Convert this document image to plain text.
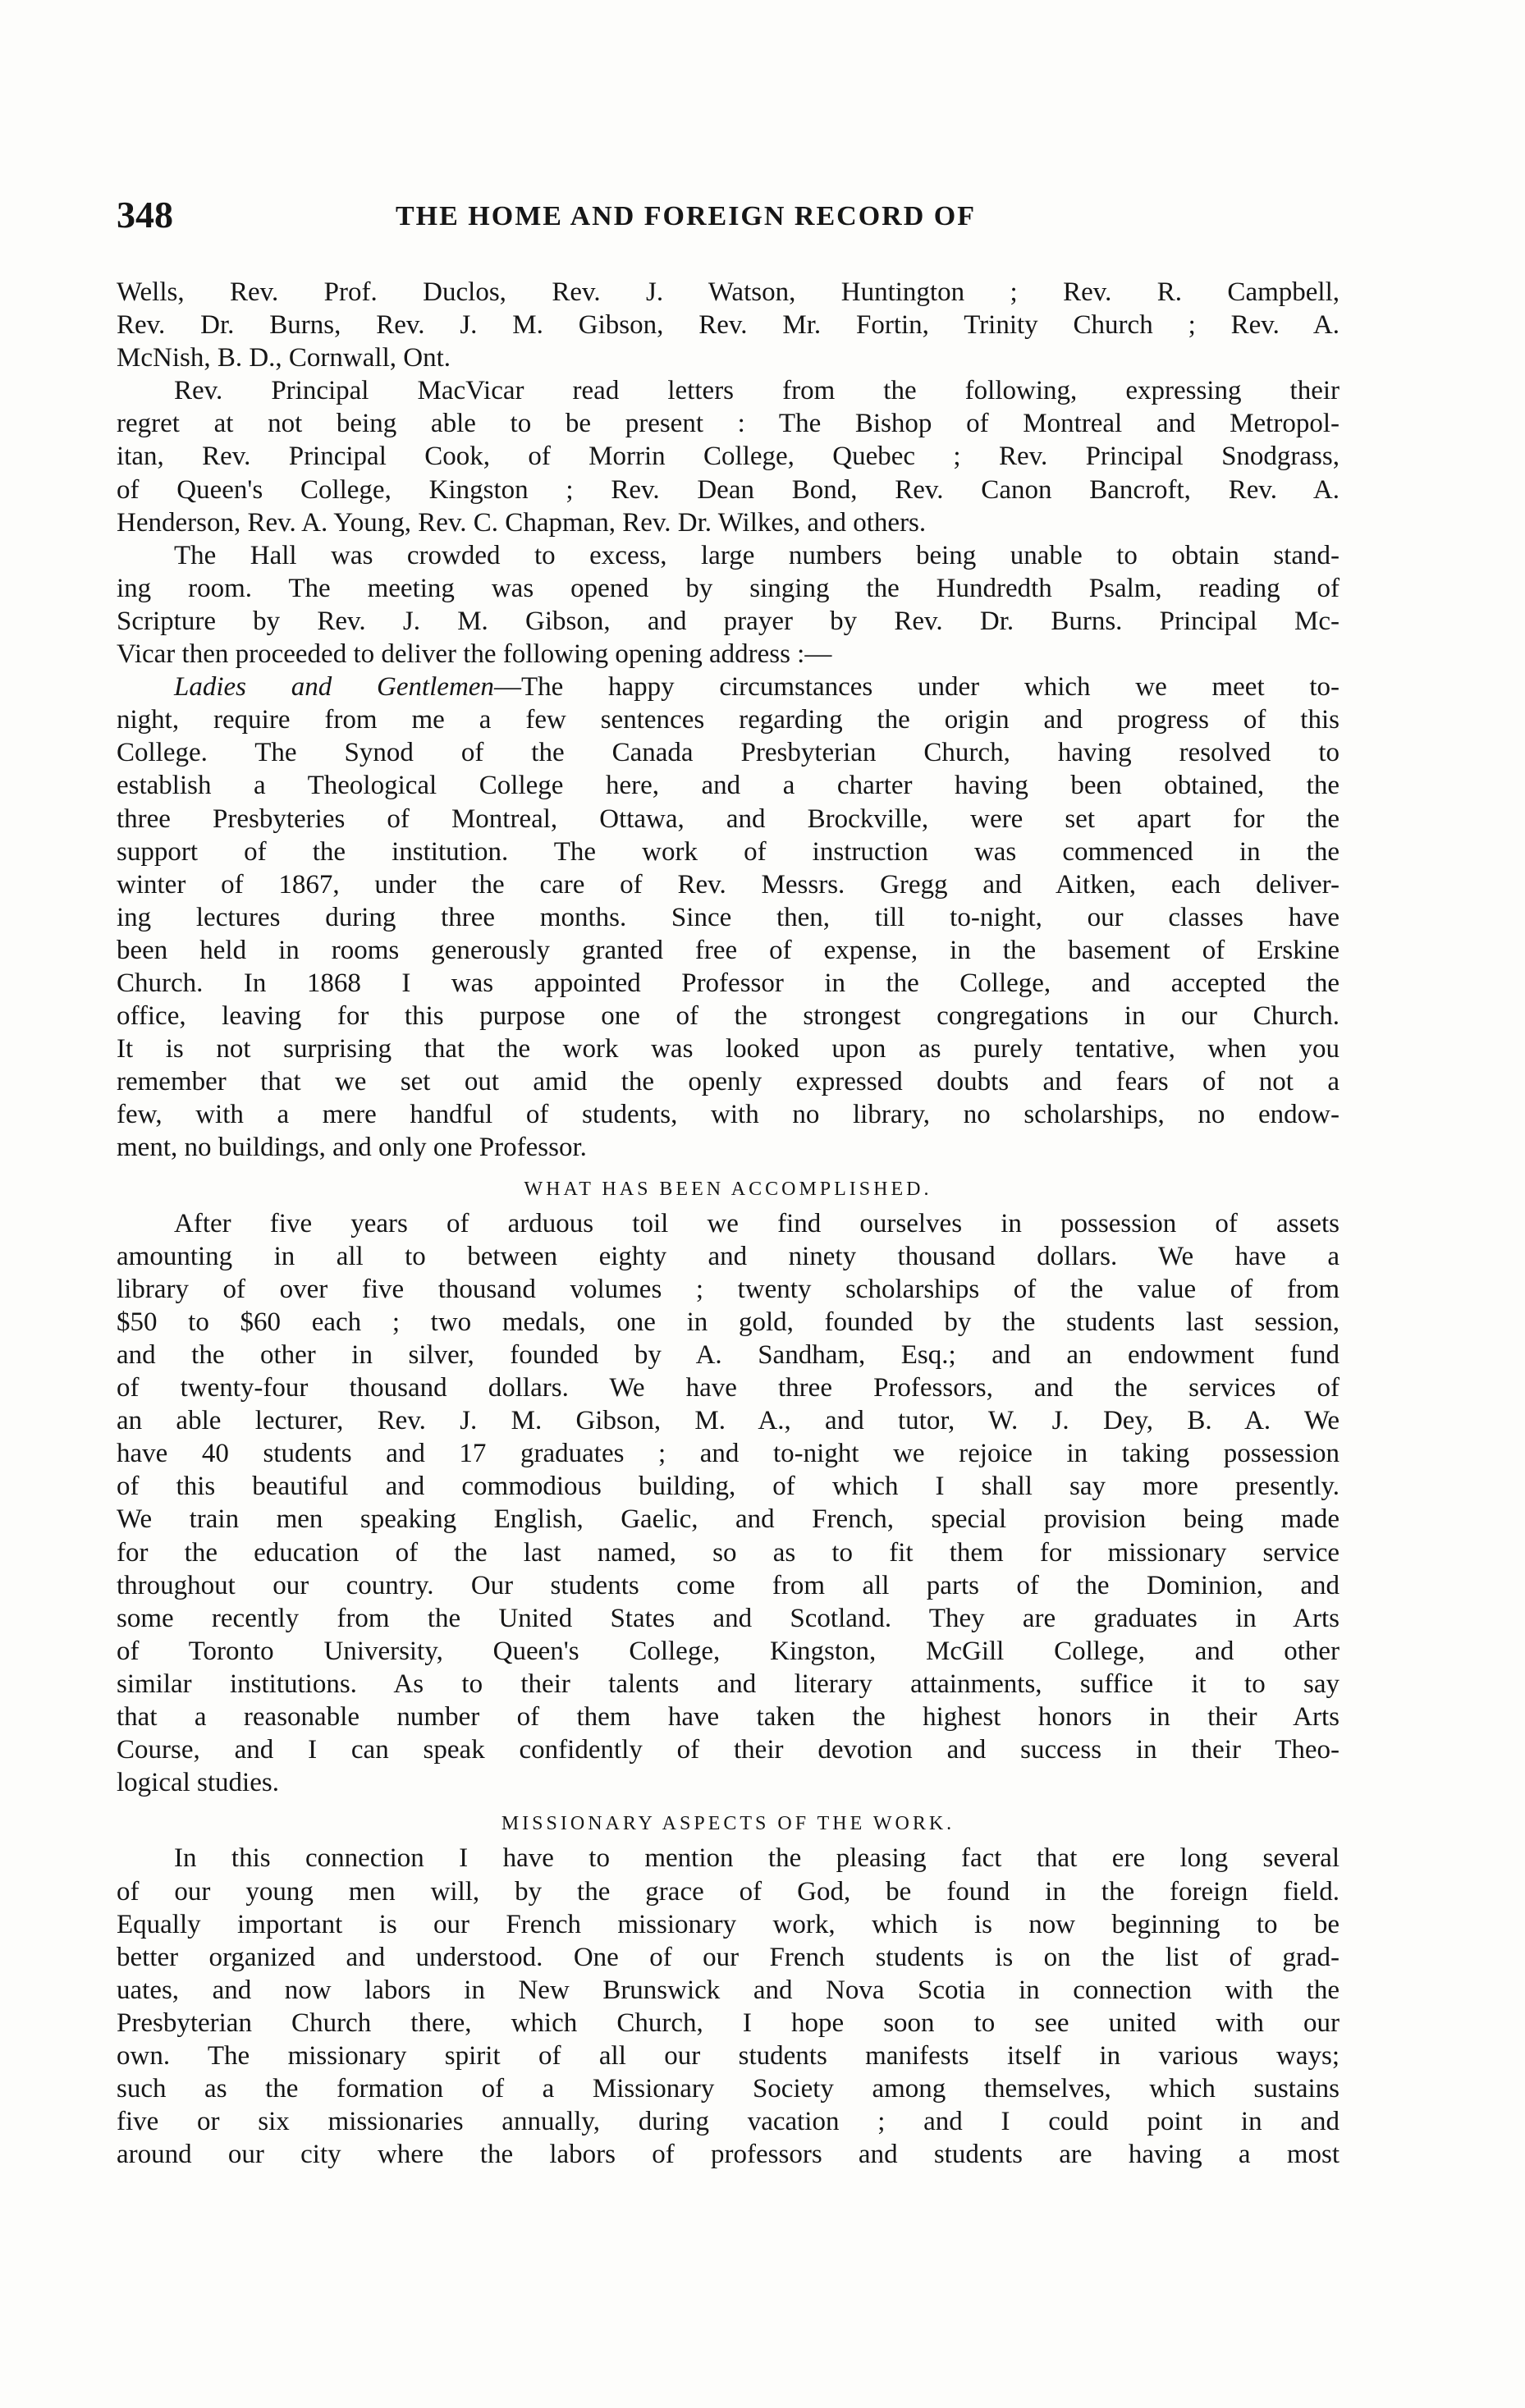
348	THE HOME AND FOREIGN RECORD OF
Wells, Rev. Prof. Duclos, Rev. J. Watson, Huntington ; Rev. R. Campbell,
Rev. Dr. Burns, Rev. J. M. Gibson, Rev. Mr. Fortin, Trinity Church ; Rev. A.
McNish, B. D., Cornwall, Ont.
Rev. Principal MacVicar read letters from the following, expressing their
regret at not being able to be present : The Bishop of Montreal and Metropol-
itan, Rev. Principal Cook, of Morrin College, Quebec ; Rev. Principal Snodgrass,
of Queen's College, Kingston ; Rev. Dean Bond, Rev. Canon Bancroft, Rev. A.
Henderson, Rev. A. Young, Rev. C. Chapman, Rev. Dr. Wilkes, and others.
The Hall was crowded to excess, large numbers being unable to obtain stand-
ing room. The meeting was opened by singing the Hundredth Psalm, reading of
Scripture by Rev. J. M. Gibson, and prayer by Rev. Dr. Burns. Principal Mc-
Vicar then proceeded to deliver the following opening address :—
Ladies and Gentlemen—The happy circumstances under which we meet to-
night, require from me a few sentences regarding the origin and progress of this
College. The Synod of the Canada Presbyterian Church, having resolved to
establish a Theological College here, and a charter having been obtained, the
three Presbyteries of Montreal, Ottawa, and Brockville, were set apart for the
support of the institution. The work of instruction was commenced in the
winter of 1867, under the care of Rev. Messrs. Gregg and Aitken, each deliver-
ing lectures during three months. Since then, till to-night, our classes have
been held in rooms generously granted free of expense, in the basement of Erskine
Church. In 1868 I was appointed Professor in the College, and accepted the
office, leaving for this purpose one of the strongest congregations in our Church.
It is not surprising that the work was looked upon as purely tentative, when you
remember that we set out amid the openly expressed doubts and fears of not a
few, with a mere handful of students, with no library, no scholarships, no endow-
ment, no buildings, and only one Professor.
WHAT HAS BEEN ACCOMPLISHED.
After five years of arduous toil we find ourselves in possession of assets
amounting in all to between eighty and ninety thousand dollars. We have a
library of over five thousand volumes ; twenty scholarships of the value of from
$50 to $60 each ; two medals, one in gold, founded by the students last session,
and the other in silver, founded by A. Sandham, Esq.; and an endowment fund
of twenty-four thousand dollars. We have three Professors, and the services of
an able lecturer, Rev. J. M. Gibson, M. A., and tutor, W. J. Dey, B. A. We
have 40 students and 17 graduates ; and to-night we rejoice in taking possession
of this beautiful and commodious building, of which I shall say more presently.
We train men speaking English, Gaelic, and French, special provision being made
for the education of the last named, so as to fit them for missionary service
throughout our country. Our students come from all parts of the Dominion, and
some recently from the United States and Scotland. They are graduates in Arts
of Toronto University, Queen's College, Kingston, McGill College, and other
similar institutions. As to their talents and literary attainments, suffice it to say
that a reasonable number of them have taken the highest honors in their Arts
Course, and I can speak confidently of their devotion and success in their Theo-
logical studies.
MISSIONARY ASPECTS OF THE WORK.
In this connection I have to mention the pleasing fact that ere long several
of our young men will, by the grace of God, be found in the foreign field.
Equally important is our French missionary work, which is now beginning to be
better organized and understood. One of our French students is on the list of grad-
uates, and now labors in New Brunswick and Nova Scotia in connection with the
Presbyterian Church there, which Church, I hope soon to see united with our
own. The missionary spirit of all our students manifests itself in various ways;
such as the formation of a Missionary Society among themselves, which sustains
five or six missionaries annually, during vacation ; and I could point in and
around our city where the labors of professors and students are having a most
